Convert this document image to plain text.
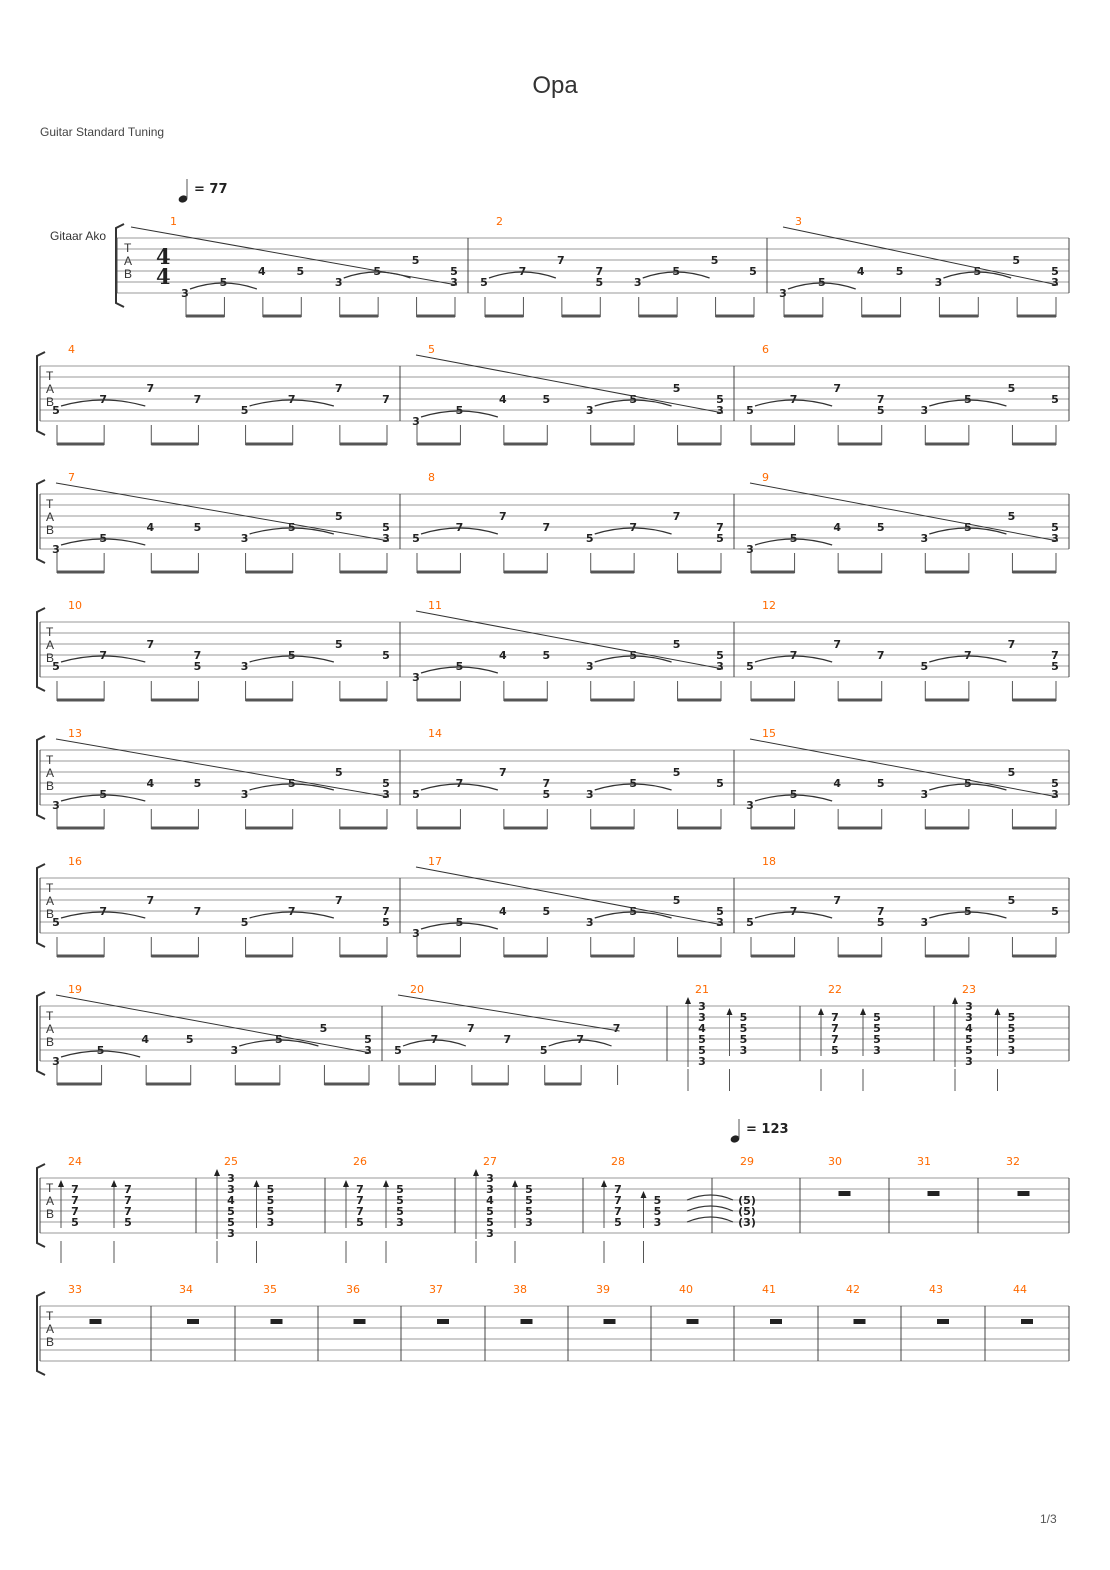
Opa
Guitar Standard Tuning
1/3
= 77
= 123
T
A
B
Gitaar Ako
4
4
1
3
5
4	5
3
5
5
5
3
2
5
7
7
7
5	3
5
5
5
3
3
5
4	5
3
5
5
5
3
T
A
B
4
5
7
7
7
5
7
7
7
5
3
5
4	5
3
5
5
5
3
6
5
7
7
7
5	3
5
5
5
T
A
B
7
3
5
4	5
3
5
5
5
3
8
5
7
7
7
5
7
7
7
5
9
3
5
4	5
3
5
5
5
3
T
A
B
10
5
7
7
7
5	3
5
5
5
11
3
5
4	5
3
5
5
5
3
12
5
7
7
7
5
7
7
7
5
T
A
B
13
3
5
4	5
3
5
5
5
3
14
5
7
7
7
5	3
5
5
5
15
3
5
4	5
3
5
5
5
3
T
A
B
16
5
7
7
7
5
7
7
7
5
17
3
5
4	5
3
5
5
5
3
18
5
7
7
7
5	3
5
5
5
T
A
B
19
3
5
4	5
3
5
5
5
3
20
5
7
7
7
5
7
7
21
3
3
4
5
5
3
5
5
5
3
22
7
7
7
5
5
5
5
3
23
3
3
4
5
5
3
5
5
5
3
T
A
B
24
7
7
7
5
7
7
7
5
25
3
3
4
5
5
3
5
5
5
3
26
7
7
7
5
5
5
5
3
27
3
3
4
5
5
3
5
5
5
3
28
7
7
7
5
5
5
3
29
(5)
(5)
(3)
30	31	32
T
A
B
33	34	35	36	37	38	39	40	41	42	43	44
